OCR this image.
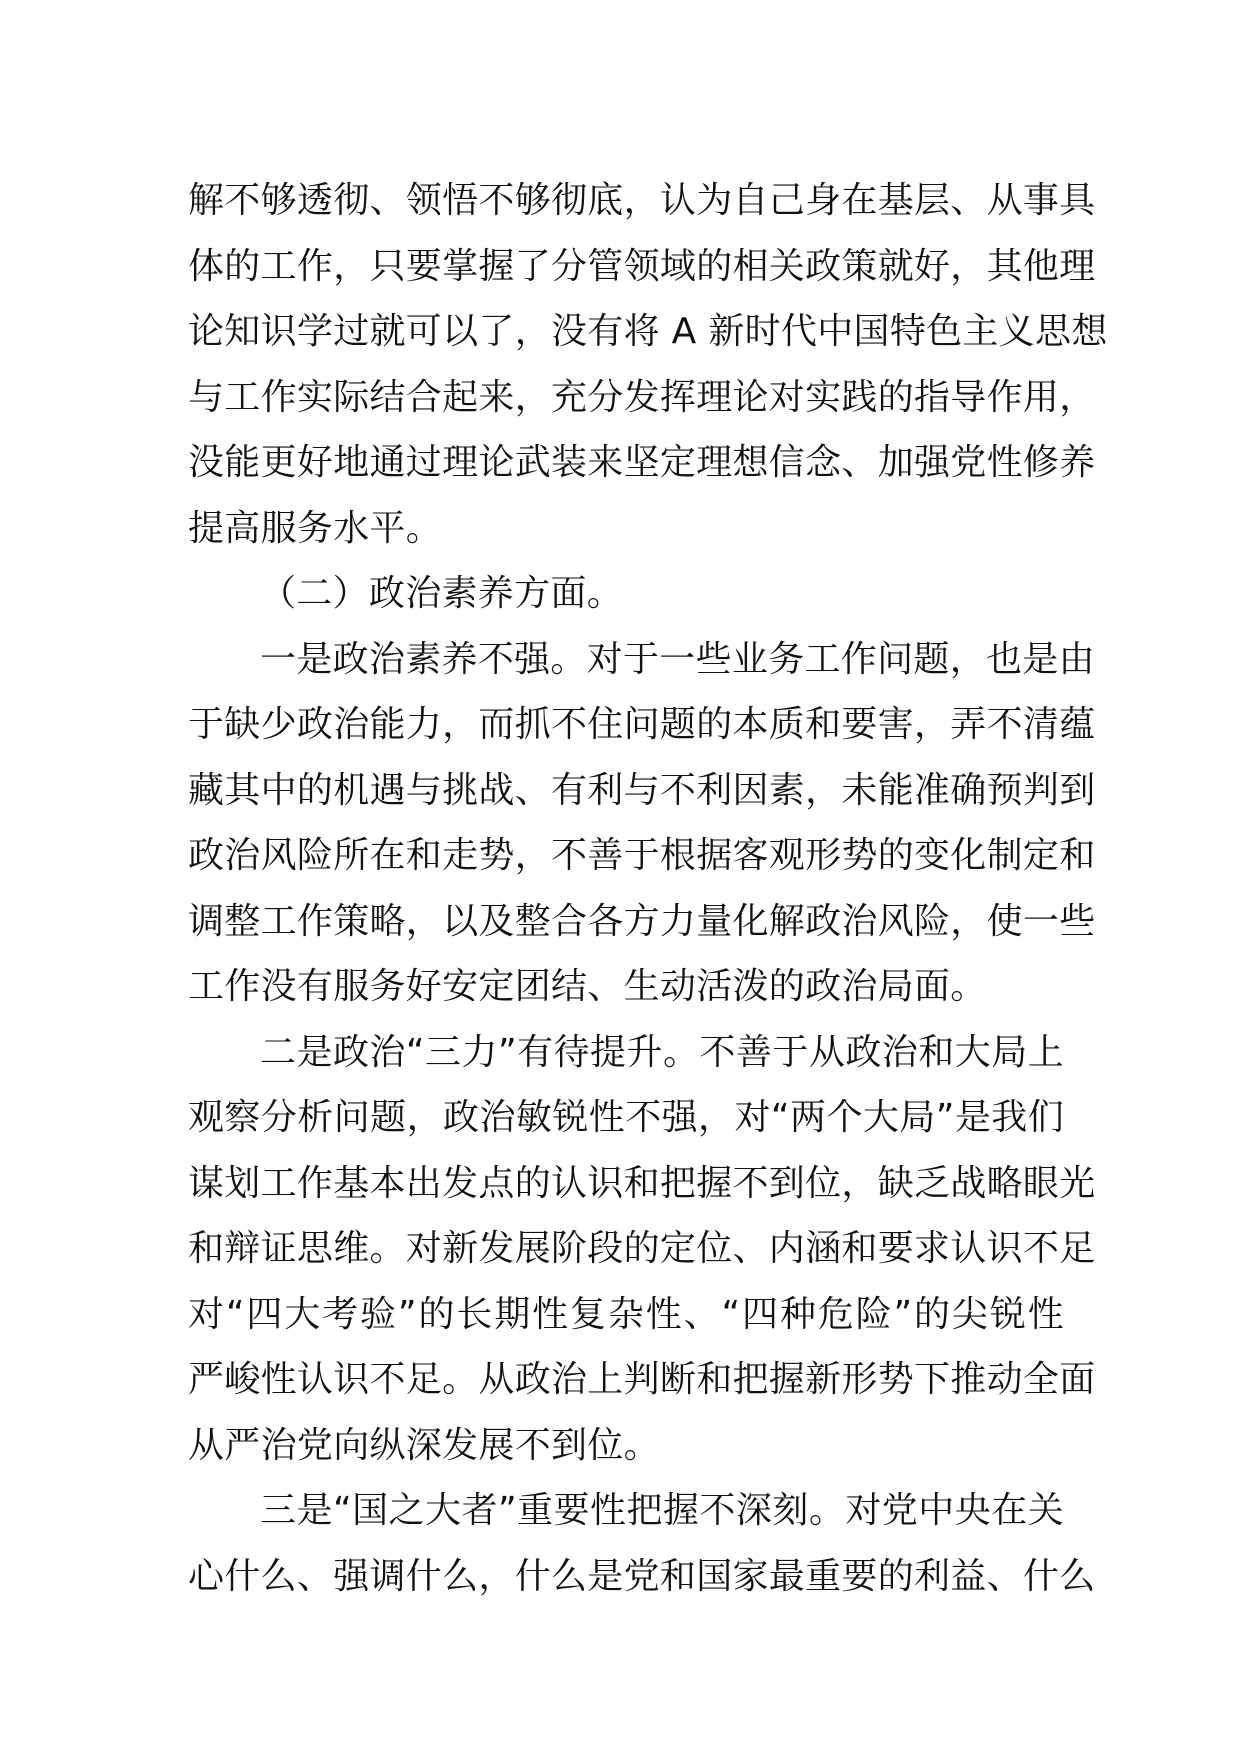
解不够透彻、领悟不够彻底，认为自己身在基层、从事具
体的工作，只要掌握了分管领域的相关政策就好，其他理
论知识学过就可以了，没有将 A 新时代中国特色主义思想
与工作实际结合起来，充分发挥理论对实践的指导作用，
没能更好地通过理论武装来坚定理想信念、加强党性修养
提高服务水平。
（二）政治素养方面。
一是政治素养不强。对于一些业务工作问题，也是由
于缺少政治能力，而抓不住问题的本质和要害，弄不清蕴
藏其中的机遇与挑战、有利与不利因素，未能准确预判到
政治风险所在和走势，不善于根据客观形势的变化制定和
调整工作策略，以及整合各方力量化解政治风险，使一些
工作没有服务好安定团结、生动活泼的政治局面。
二是政治“三力”有待提升。不善于从政治和大局上
观察分析问题，政治敏锐性不强，对“两个大局”是我们
谋划工作基本出发点的认识和把握不到位，缺乏战略眼光
和辩证思维。对新发展阶段的定位、内涵和要求认识不足
对“四大考验”的长期性复杂性、“四种危险”的尖锐性
严峻性认识不足。从政治上判断和把握新形势下推动全面
从严治党向纵深发展不到位。
三是“国之大者”重要性把握不深刻。对党中央在关
心什么、强调什么，什么是党和国家最重要的利益、什么
